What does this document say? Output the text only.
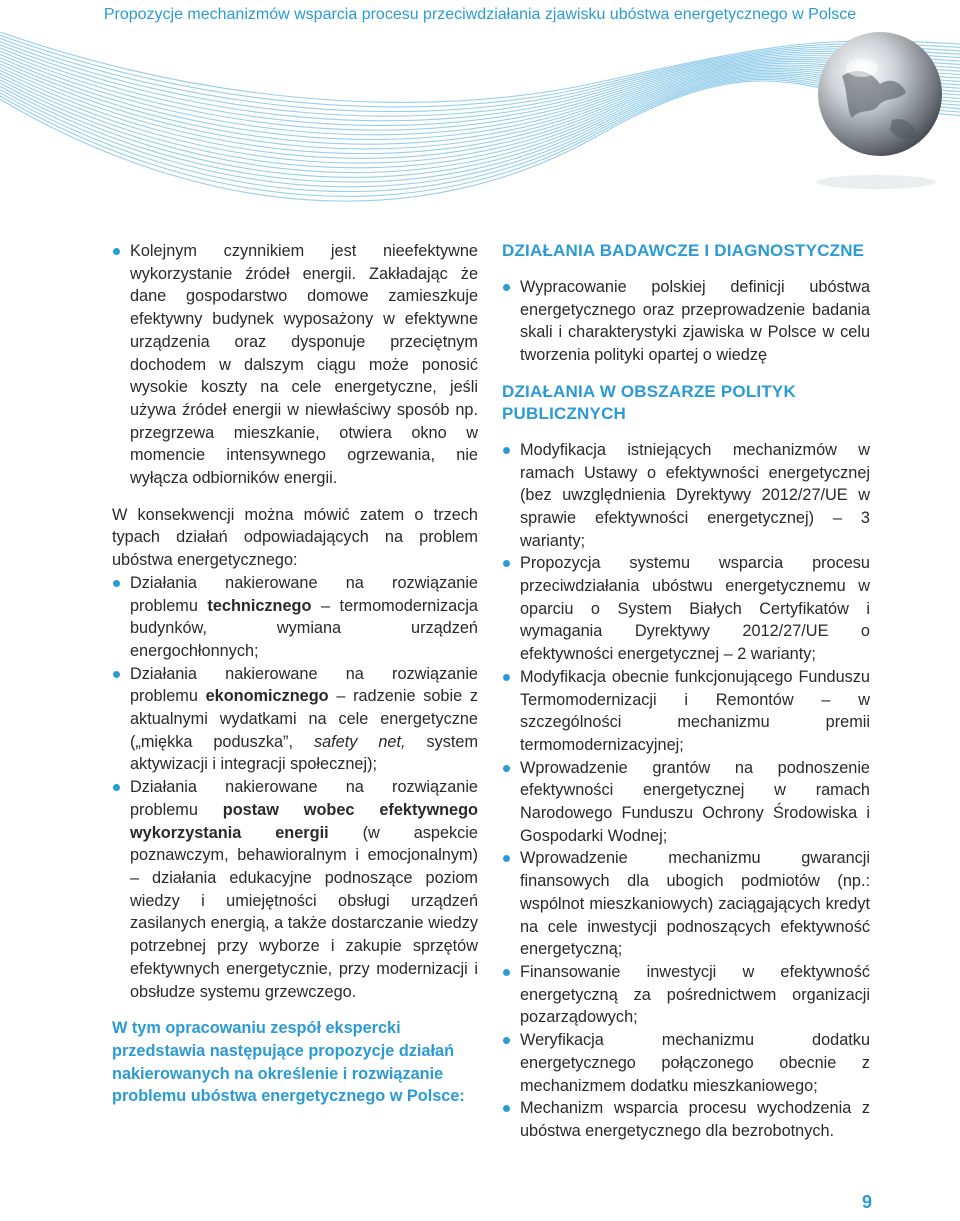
Propozycje mechanizmów wsparcia procesu przeciwdziałania zjawisku ubóstwa energetycznego w Polsce
Kolejnym czynnikiem jest nieefektywne wykorzystanie źródeł energii. Zakładając że dane gospodarstwo domowe zamieszkuje efektywny budynek wyposażony w efektywne urządzenia oraz dysponuje przeciętnym dochodem w dalszym ciągu może ponosić wysokie koszty na cele energetyczne, jeśli używa źródeł energii w niewłaściwy sposób np. przegrzewa mieszkanie, otwiera okno w momencie intensywnego ogrzewania, nie wyłącza odbiorników energii.

W konsekwencji można mówić zatem o trzech typach działań odpowiadających na problem ubóstwa energetycznego:

Działania nakierowane na rozwiązanie problemu technicznego – termomodernizacja budynków, wymiana urządzeń energochłonnych;
Działania nakierowane na rozwiązanie problemu ekonomicznego – radzenie sobie z aktualnymi wydatkami na cele energetyczne („miękka poduszka”, safety net, system aktywizacji i integracji społecznej);
Działania nakierowane na rozwiązanie problemu postaw wobec efektywnego wykorzystania energii (w aspekcie poznawczym, behawioralnym i emocjonalnym) – działania edukacyjne podnoszące poziom wiedzy i umiejętności obsługi urządzeń zasilanych energią, a także dostarczanie wiedzy potrzebnej przy wyborze i zakupie sprzętów efektywnych energetycznie, przy modernizacji i obsłudze systemu grzewczego.

W tym opracowaniu zespół ekspercki przedstawia następujące propozycje działań nakierowanych na określenie i rozwiązanie problemu ubóstwa energetycznego w Polsce:

DZIAŁANIA BADAWCZE I DIAGNOSTYCZNE
Wypracowanie polskiej definicji ubóstwa energetycznego oraz przeprowadzenie badania skali i charakterystyki zjawiska w Polsce w celu tworzenia polityki opartej o wiedzę
DZIAŁANIA W OBSZARZE POLITYK PUBLICZNYCH
Modyfikacja istniejących mechanizmów w ramach Ustawy o efektywności energetycznej (bez uwzględnienia Dyrektywy 2012/27/UE w sprawie efektywności energetycznej) – 3 warianty;
Propozycja systemu wsparcia procesu przeciwdziałania ubóstwu energetycznemu w oparciu o System Białych Certyfikatów i wymagania Dyrektywy 2012/27/UE o efektywności energetycznej – 2 warianty;
Modyfikacja obecnie funkcjonującego Funduszu Termomodernizacji i Remontów – w szczególności mechanizmu premii termomodernizacyjnej;
Wprowadzenie grantów na podnoszenie efektywności energetycznej w ramach Narodowego Funduszu Ochrony Środowiska i Gospodarki Wodnej;
Wprowadzenie mechanizmu gwarancji finansowych dla ubogich podmiotów (np.: wspólnot mieszkaniowych) zaciągających kredyt na cele inwestycji podnoszących efektywność energetyczną;
Finansowanie inwestycji w efektywność energetyczną za pośrednictwem organizacji pozarządowych;
Weryfikacja mechanizmu dodatku energetycznego połączonego obecnie z mechanizmem dodatku mieszkaniowego;
Mechanizm wsparcia procesu wychodzenia z ubóstwa energetycznego dla bezrobotnych.
9
